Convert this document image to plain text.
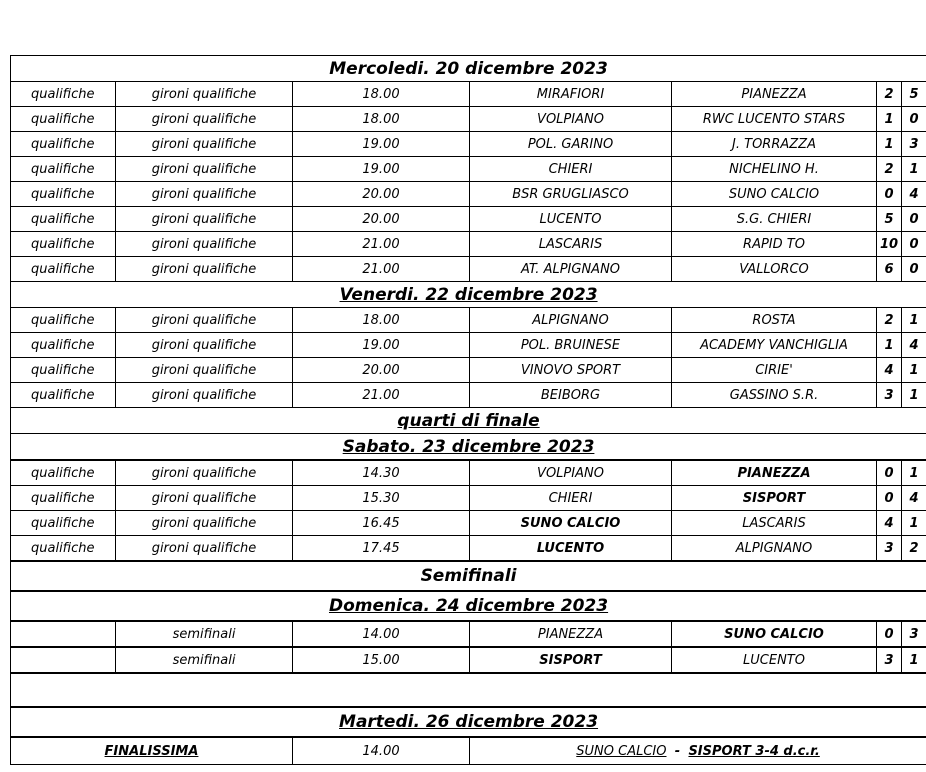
Mercoledi. 20 dicembre 2023						
qualifiche	gironi qualifiche	18.00	MIRAFIORI	PIANEZZA	2	5
qualifiche	gironi qualifiche	18.00	VOLPIANO	RWC LUCENTO STARS	1	0
qualifiche	gironi qualifiche	19.00	POL. GARINO	J. TORRAZZA	1	3
qualifiche	gironi qualifiche	19.00	CHIERI	NICHELINO H.	2	1
qualifiche	gironi qualifiche	20.00	BSR GRUGLIASCO	SUNO CALCIO	0	4
qualifiche	gironi qualifiche	20.00	LUCENTO	S.G. CHIERI	5	0
qualifiche	gironi qualifiche	21.00	LASCARIS	RAPID TO	10	0
qualifiche	gironi qualifiche	21.00	AT. ALPIGNANO	VALLORCO	6	0
Venerdi. 22 dicembre 2023						
qualifiche	gironi qualifiche	18.00	ALPIGNANO	ROSTA	2	1
qualifiche	gironi qualifiche	19.00	POL. BRUINESE	ACADEMY VANCHIGLIA	1	4
qualifiche	gironi qualifiche	20.00	VINOVO SPORT	CIRIE'	4	1
qualifiche	gironi qualifiche	21.00	BEIBORG	GASSINO S.R.	3	1
quarti di finale						
Sabato. 23 dicembre 2023						
qualifiche	gironi qualifiche	14.30	VOLPIANO	PIANEZZA	0	1
qualifiche	gironi qualifiche	15.30	CHIERI	SISPORT	0	4
qualifiche	gironi qualifiche	16.45	SUNO CALCIO	LASCARIS	4	1
qualifiche	gironi qualifiche	17.45	LUCENTO	ALPIGNANO	3	2
Semifinali						
Domenica. 24 dicembre 2023						
	semifinali	14.00	PIANEZZA	SUNO CALCIO	0	3
	semifinali	15.00	SISPORT	LUCENTO	3	1

Martedi. 26 dicembre 2023						
FINALISSIMA		14.00	SUNO CALCIO - SISPORT 3-4 d.c.r.			
